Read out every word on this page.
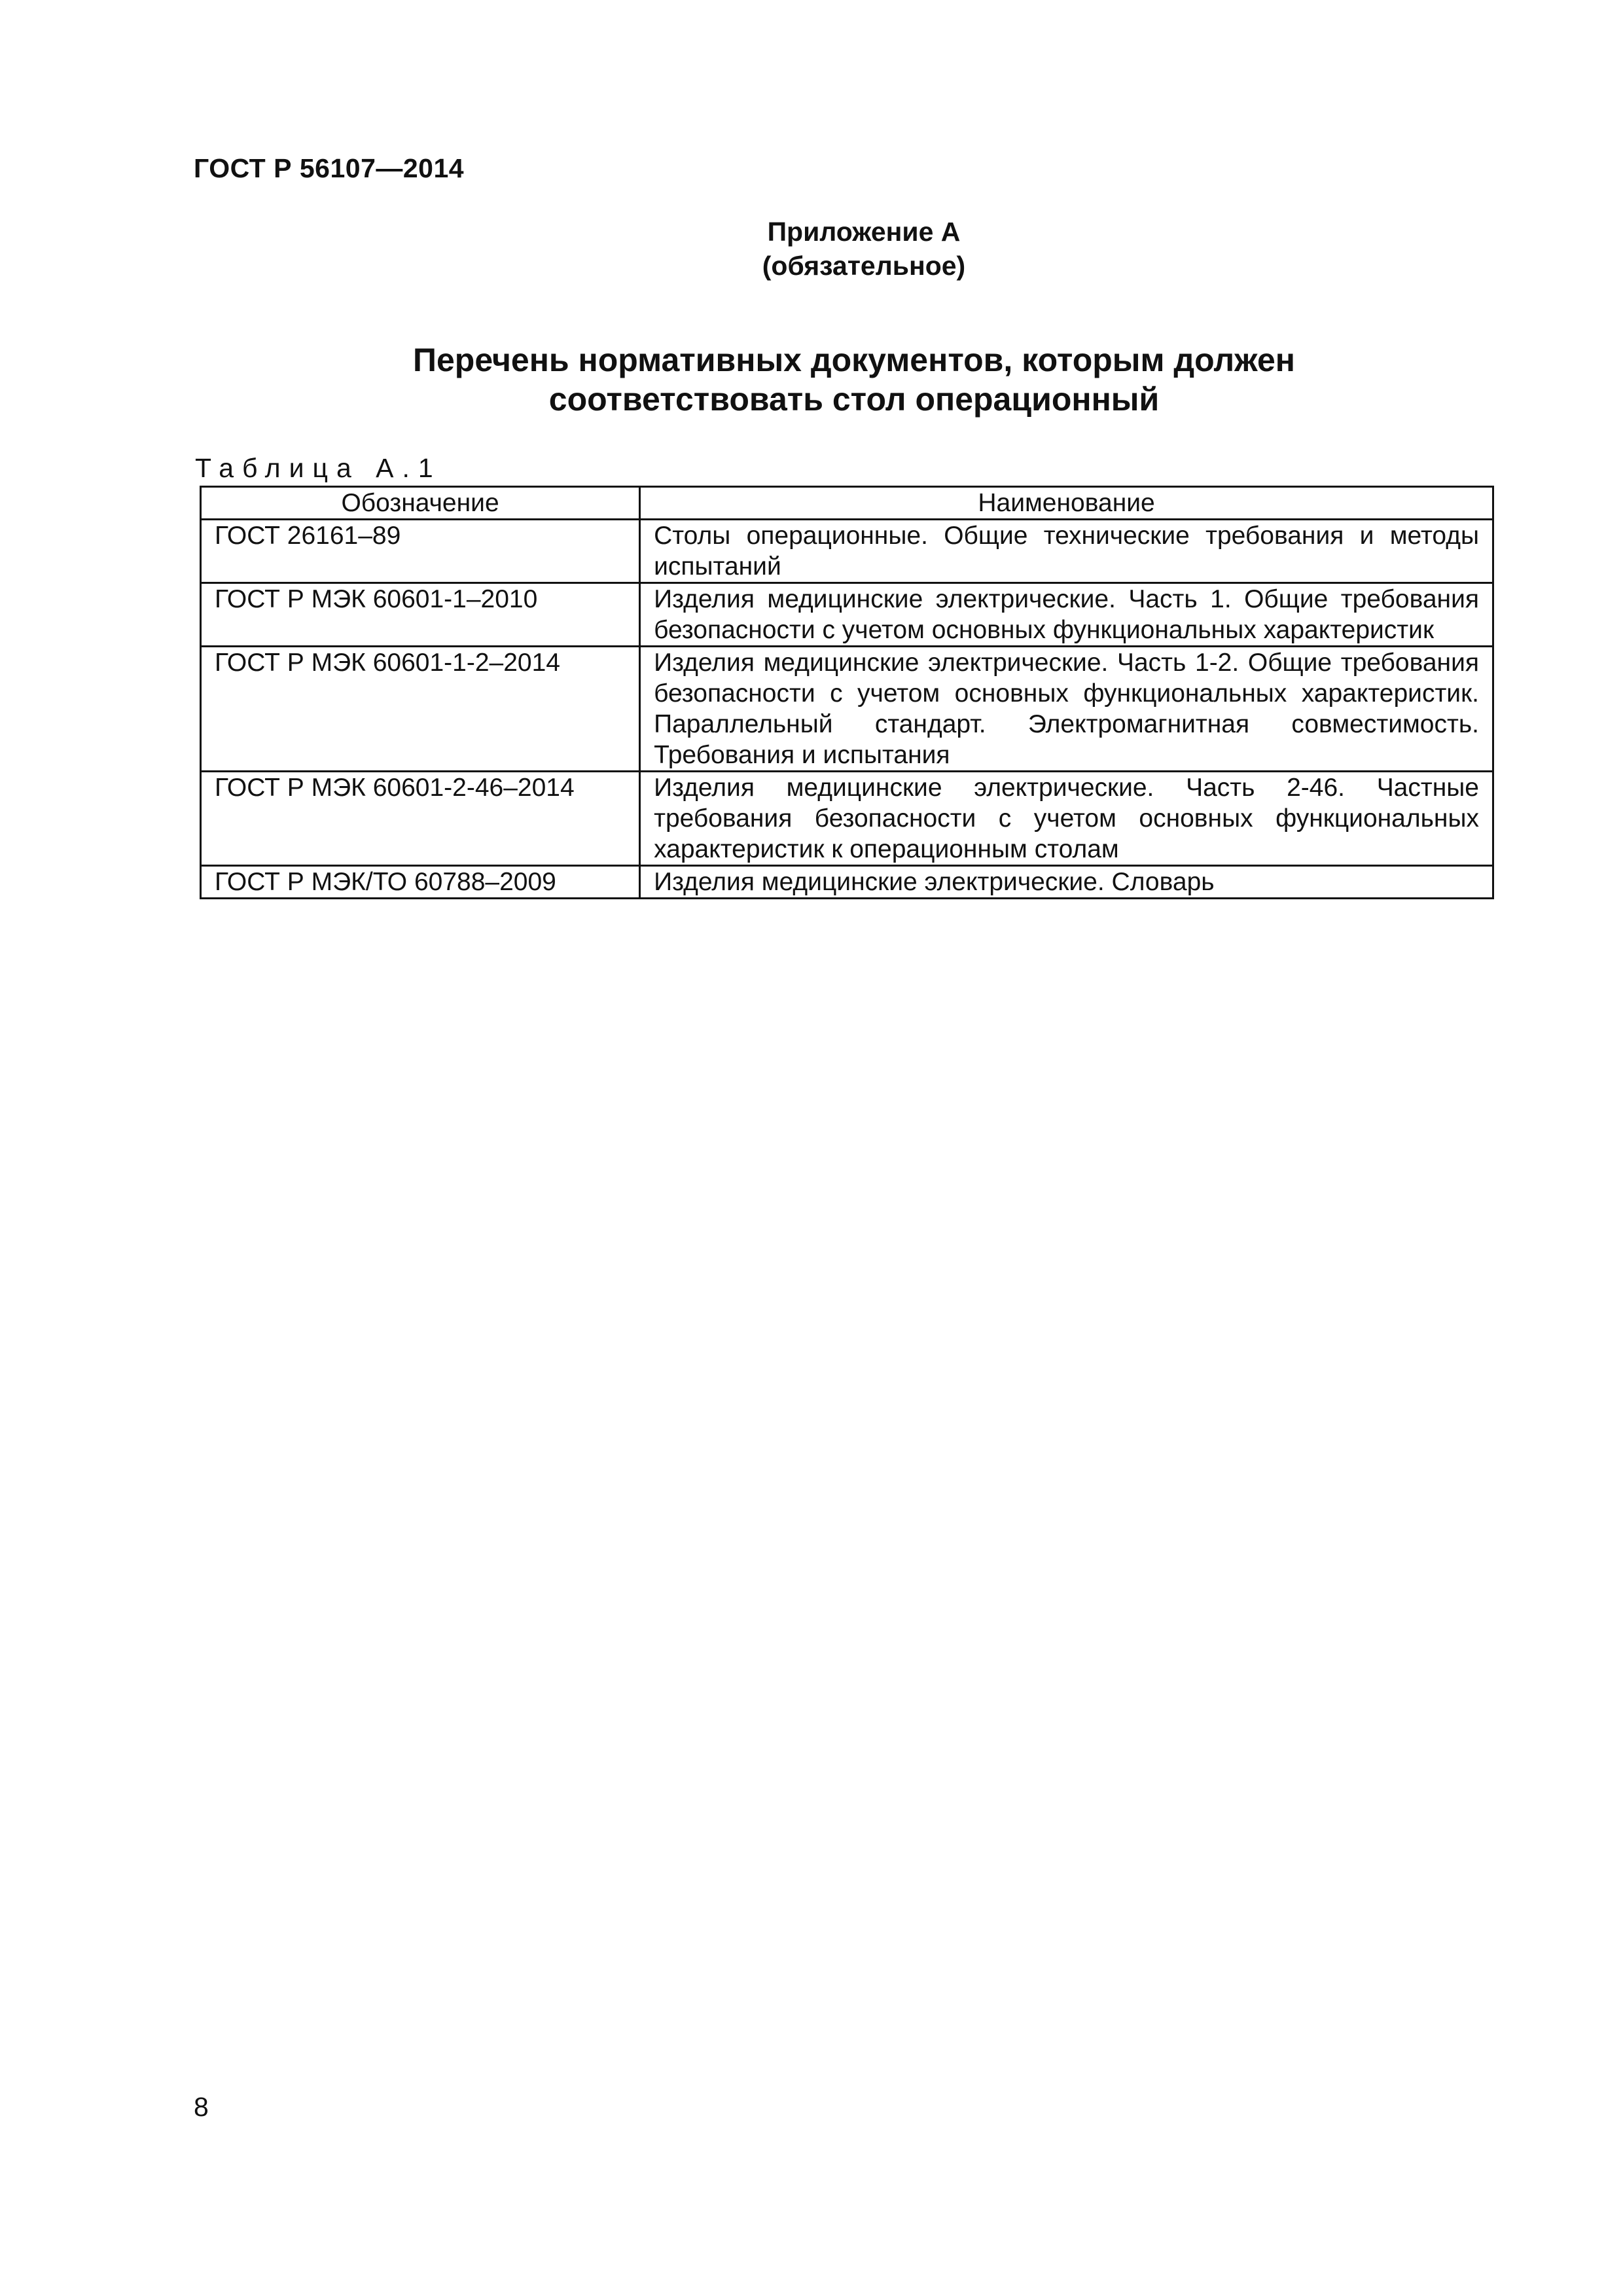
ГОСТ Р 56107—2014
Приложение А
(обязательное)
Перечень нормативных документов, которым должен
соответствовать стол операционный
Таблица А.1
Обозначение	Наименование
ГОСТ 26161–89	Столы операционные. Общие технические требования и методы испытаний
ГОСТ Р МЭК 60601-1–2010	Изделия медицинские электрические. Часть 1. Общие требования безопасности с учетом основных функциональных характеристик
ГОСТ Р МЭК 60601-1-2–2014	Изделия медицинские электрические. Часть 1-2. Общие требования безопасности с учетом основных функциональных характеристик. Параллельный стандарт. Электромагнитная совместимость. Требования и испытания
ГОСТ Р МЭК 60601-2-46–2014	Изделия медицинские электрические. Часть 2-46. Частные требования безопасности с учетом основных функциональных характеристик к операционным столам
ГОСТ Р МЭК/ТО 60788–2009	Изделия медицинские электрические. Словарь
8
